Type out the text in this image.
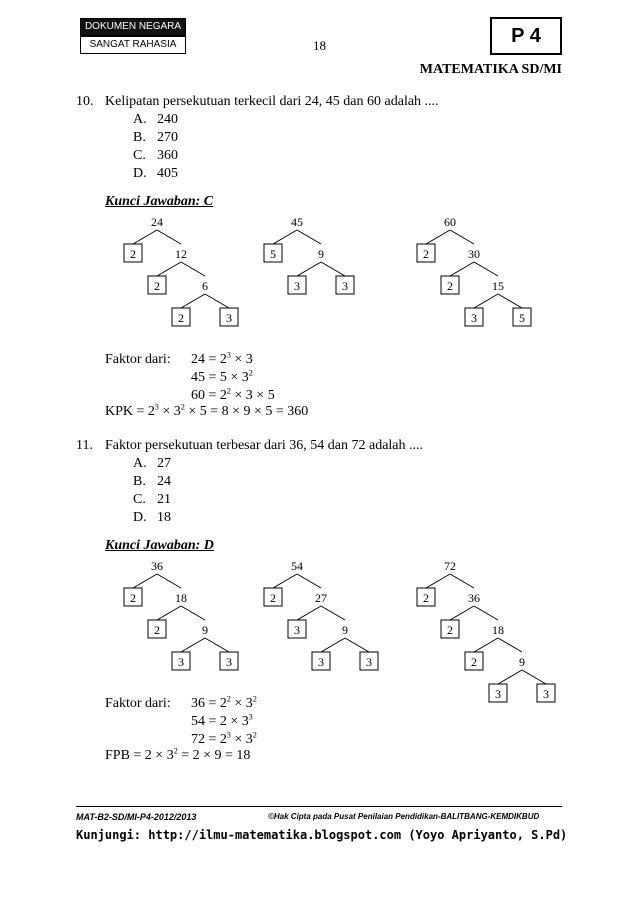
DOKUMEN NEGARA
SANGAT RAHASIA	18	P 4
MATEMATIKA SD/MI
10. Kelipatan persekutuan terkecil dari 24, 45 dan 60 adalah ....
Kunci Jawaban: C
24
2	12
2	6
2	3
45
5	9
3	3
60
2	30
2	15
3	5
Faktor dari:
11. Faktor persekutuan terbesar dari 36, 54 dan 72 adalah ....
Kunci Jawaban: D
36
2	18
2	9
3	3
54
2	27
3	9
3	3
72
2	36
2	18
2	9
3	3
Faktor dari:
MAT-B2-SD/MI-P4-2012/2013	©Hak Cipta pada Pusat Penilaian Pendidikan-BALITBANG-KEMDIKBUD
Kunjungi: http://ilmu-matematika.blogspot.com (Yoyo Apriyanto, S.Pd)
A. 240
B. 270
C. 360
D. 405
A. 27
B. 24
C. 21
D. 18
$24 = 2^3 \times 3$
$45 = 5 \times 3^2$
$60 = 2^2 \times 3 \times 5$
KPK = $2^3 \times 3^2 \times 5 = 8 \times 9 \times 5 = 360$
$36 = 2^2 \times 3^2$
$54 = 2 \times 3^3$
$72 = 2^3 \times 3^2$
FPB = $2 \times 3^2 = 2 \times 9 = 18$
